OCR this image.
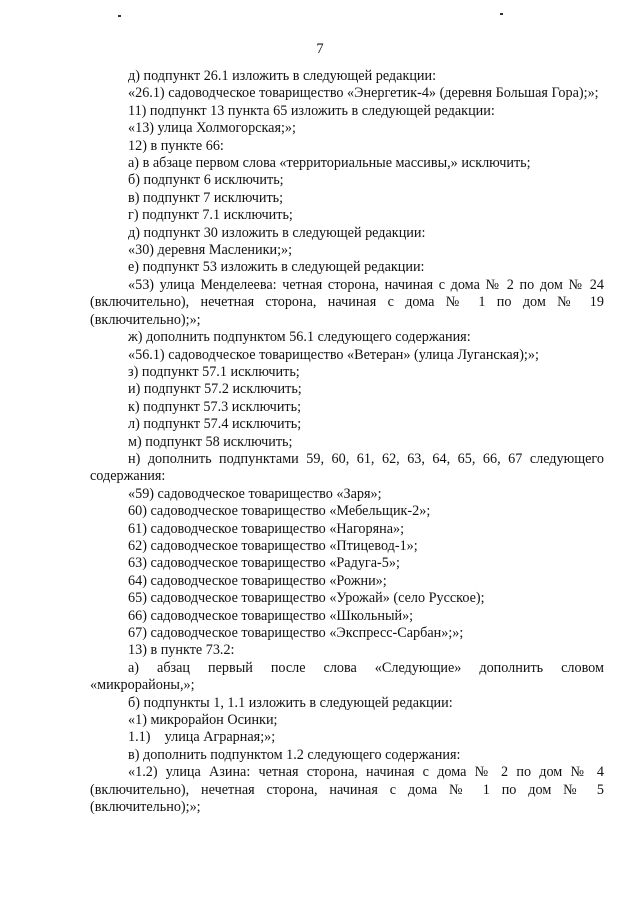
7

д) подпункт 26.1 изложить в следующей редакции:

«26.1) садоводческое товарищество «Энергетик-4» (деревня Большая Гора);»;

11) подпункт 13 пункта 65 изложить в следующей редакции:

«13) улица Холмогорская;»;

12) в пункте 66:

а) в абзаце первом слова «территориальные массивы,» исключить;

б) подпункт 6 исключить;

в) подпункт 7 исключить;

г) подпункт 7.1 исключить;

д) подпункт 30 изложить в следующей редакции:

«30) деревня Масленики;»;

е) подпункт 53 изложить в следующей редакции:

«53) улица Менделеева: четная сторона, начиная с дома № 2 по дом № 24 (включительно), нечетная сторона, начиная с дома № 1 по дом № 19 (включительно);»;

ж) дополнить подпунктом 56.1 следующего содержания:

«56.1) садоводческое товарищество «Ветеран» (улица Луганская);»;

з) подпункт 57.1 исключить;

и) подпункт 57.2 исключить;

к) подпункт 57.3 исключить;

л) подпункт 57.4 исключить;

м) подпункт 58 исключить;

н) дополнить подпунктами 59, 60, 61, 62, 63, 64, 65, 66, 67 следующего содержания:

«59) садоводческое товарищество «Заря»;

60) садоводческое товарищество «Мебельщик-2»;

61) садоводческое товарищество «Нагоряна»;

62) садоводческое товарищество «Птицевод-1»;

63) садоводческое товарищество «Радуга-5»;

64) садоводческое товарищество «Рожни»;

65) садоводческое товарищество «Урожай» (село Русское);

66) садоводческое товарищество «Школьный»;

67) садоводческое товарищество «Экспресс-Сарбан»;»;

13) в пункте 73.2:

а) абзац первый после слова «Следующие» дополнить словом «микрорайоны,»;

б) подпункты 1, 1.1 изложить в следующей редакции:

«1) микрорайон Осинки;

1.1)    улица Аграрная;»;

в) дополнить подпунктом 1.2 следующего содержания:

«1.2) улица Азина: четная сторона, начиная с дома № 2 по дом № 4 (включительно), нечетная сторона, начиная с дома № 1 по дом № 5 (включительно);»;
